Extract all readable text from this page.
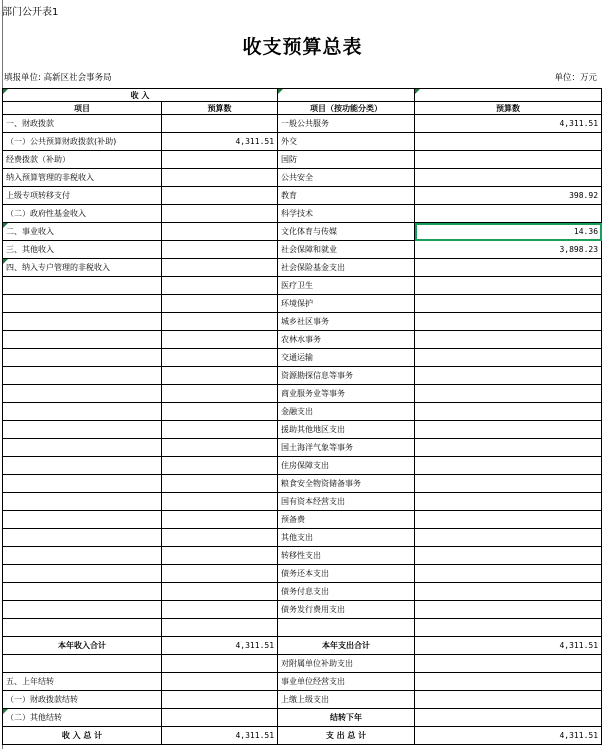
部门公开表1
收支预算总表
填报单位: 高新区社会事务局	单位：万元
收 入		

项目	预算数	项目（按功能分类）	预算数
一、财政拨款		一般公共服务	4,311.51
（一）公共预算财政拨款(补助)	4,311.51	外交	
经费拨款（补助）		国防	
纳入预算管理的非税收入		公共安全	
上级专项转移支付		教育	398.92
（二）政府性基金收入		科学技术	

二、事业收入		文化体育与传媒	14.36
三、其他收入		社会保障和就业	3,898.23

四、纳入专户管理的非税收入		社会保险基金支出	
		医疗卫生	
		环境保护	
		城乡社区事务	
		农林水事务	
		交通运输	
		资源勘探信息等事务	
		商业服务业等事务	
		金融支出	
		援助其他地区支出	
		国土海洋气象等事务	
		住房保障支出	
		粮食安全物资储备事务	
		国有资本经营支出	
		预备费	
		其他支出	
		转移性支出	
		债务还本支出	
		债务付息支出	
		债务发行费用支出	

本年收入合计	4,311.51	本年支出合计	4,311.51
		对附属单位补助支出	
五、上年结转		事业单位经营支出	
（一）财政拨款结转		上缴上级支出	

（二）其他结转		结转下年	
收 入 总 计	4,311.51	支 出 总 计	4,311.51
